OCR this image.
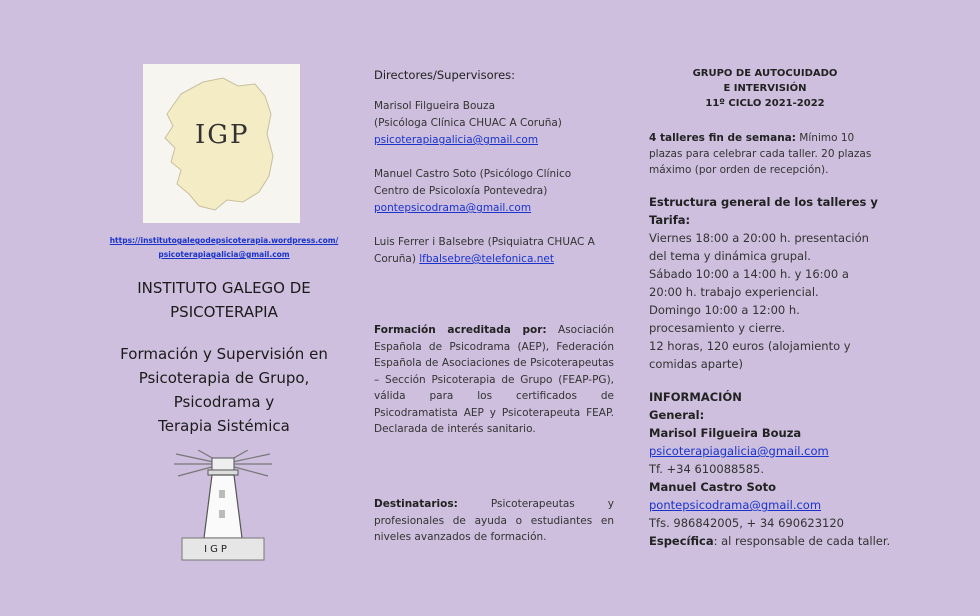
IGP
https://institutogalegodepsicoterapia.wordpress.com/
psicoterapiagalicia@gmail.com
INSTITUTO GALEGO DE
PSICOTERAPIA
Formación y Supervisión en
Psicoterapia de Grupo,
Psicodrama y
Terapia Sistémica
IGP
Directores/Supervisores:
Marisol Filgueira Bouza
(Psicóloga Clínica CHUAC A Coruña)
psicoterapiagalicia@gmail.com
Manuel Castro Soto (Psicólogo Clínico
Centro de Psicoloxía Pontevedra)
pontepsicodrama@gmail.com
Luis Ferrer i Balsebre (Psiquiatra CHUAC A
Coruña) lfbalsebre@telefonica.net
Formación acreditada por: Asociación Española de Psicodrama (AEP), Federación Española de Asociaciones de Psicoterapeutas – Sección Psicoterapia de Grupo (FEAP-PG), válida para los certificados de Psicodramatista AEP y Psicoterapeuta FEAP. Declarada de interés sanitario.
Destinatarios: Psicoterapeutas y profesionales de ayuda o estudiantes en niveles avanzados de formación.
GRUPO DE AUTOCUIDADO
E INTERVISIÓN
11º CICLO 2021-2022
4 talleres fin de semana: Mínimo 10 plazas para celebrar cada taller. 20 plazas máximo (por orden de recepción).
Estructura general de los talleres y Tarifa:
Viernes 18:00 a 20:00 h. presentación
del tema y dinámica grupal.
Sábado 10:00 a 14:00 h. y 16:00 a
20:00 h. trabajo experiencial.
Domingo 10:00 a 12:00 h.
procesamiento y cierre.
12 horas, 120 euros (alojamiento y
comidas aparte)
INFORMACIÓN
General:
Marisol Filgueira Bouza
psicoterapiagalicia@gmail.com
Tf. +34 610088585.
Manuel Castro Soto
pontepsicodrama@gmail.com
Tfs. 986842005, + 34 690623120
Específica: al responsable de cada taller.
